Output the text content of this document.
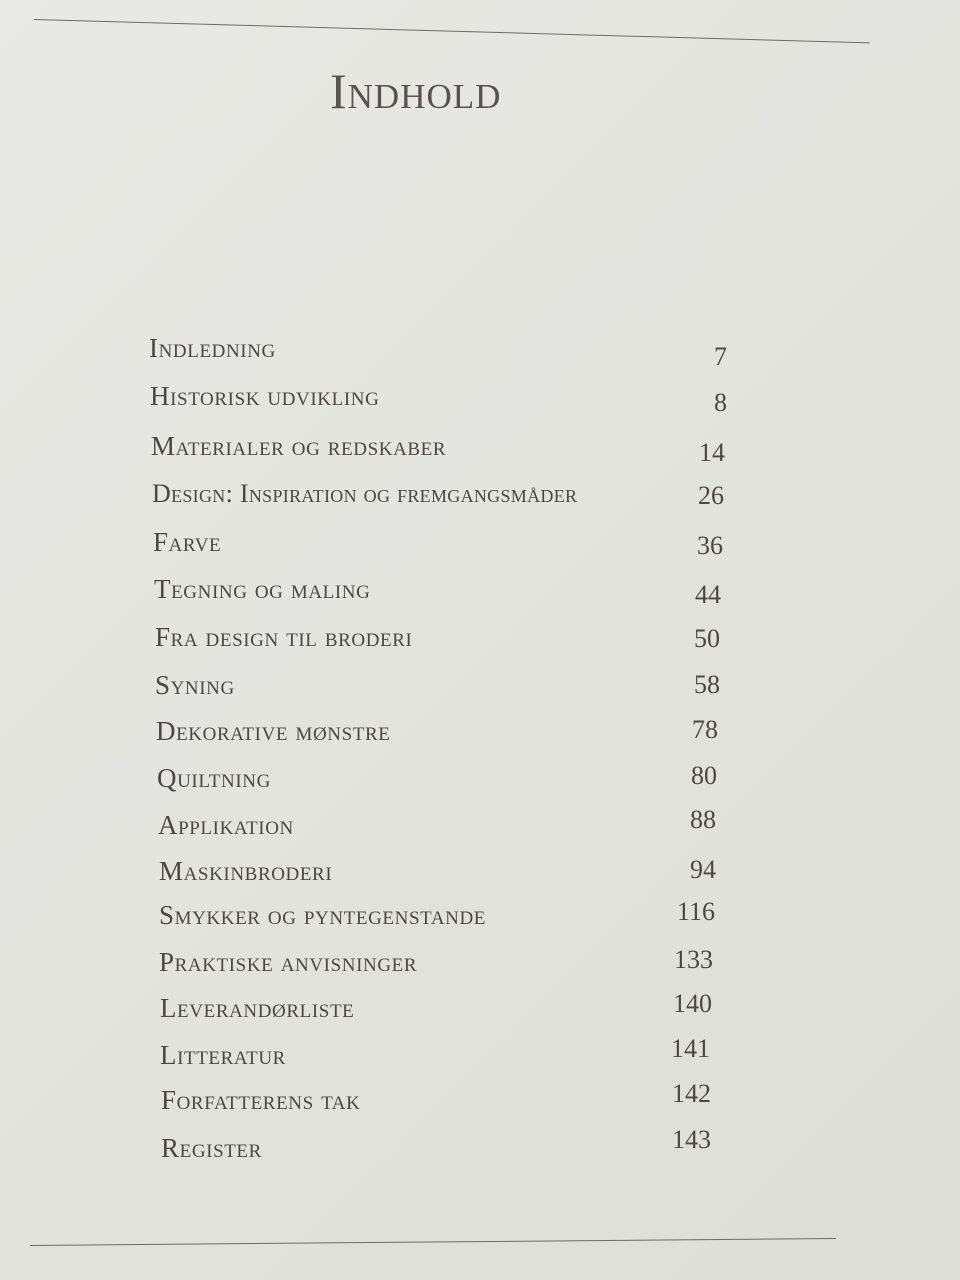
Indhold
Indledning	7
Historisk udvikling	8
Materialer og redskaber	14
Design: Inspiration og fremgangsmåder	26
Farve	36
Tegning og maling	44
Fra design til broderi	50
Syning	58
Dekorative mønstre	78
Quiltning	80
Applikation	88
Maskinbroderi	94
Smykker og pyntegenstande	116
Praktiske anvisninger	133
Leverandørliste	140
Litteratur	141
Forfatterens tak	142
Register	143
